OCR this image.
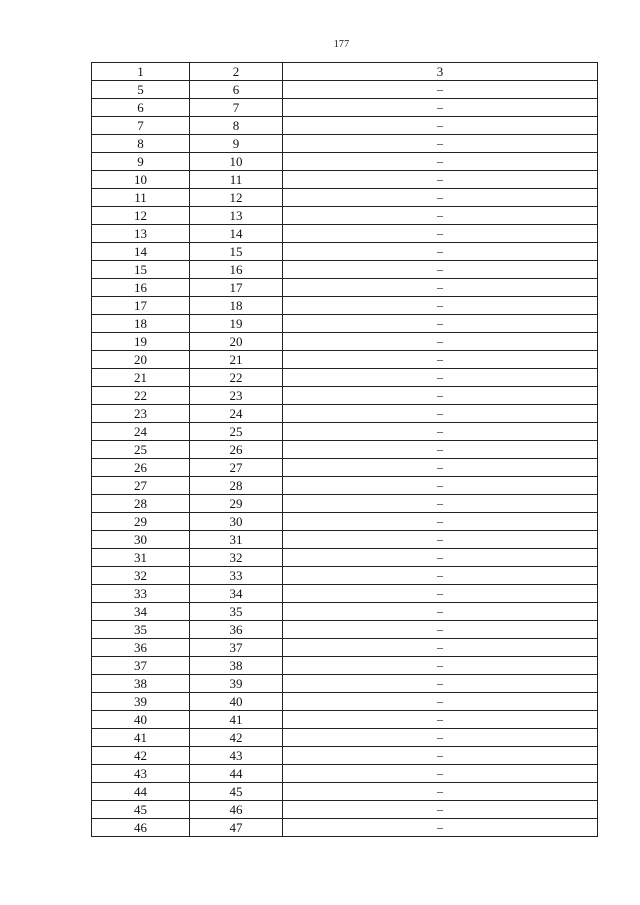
177
1	2	3
5	6	–
6	7	–
7	8	–
8	9	–
9	10	–
10	11	–
11	12	–
12	13	–
13	14	–
14	15	–
15	16	–
16	17	–
17	18	–
18	19	–
19	20	–
20	21	–
21	22	–
22	23	–
23	24	–
24	25	–
25	26	–
26	27	–
27	28	–
28	29	–
29	30	–
30	31	–
31	32	–
32	33	–
33	34	–
34	35	–
35	36	–
36	37	–
37	38	–
38	39	–
39	40	–
40	41	–
41	42	–
42	43	–
43	44	–
44	45	–
45	46	–
46	47	–
